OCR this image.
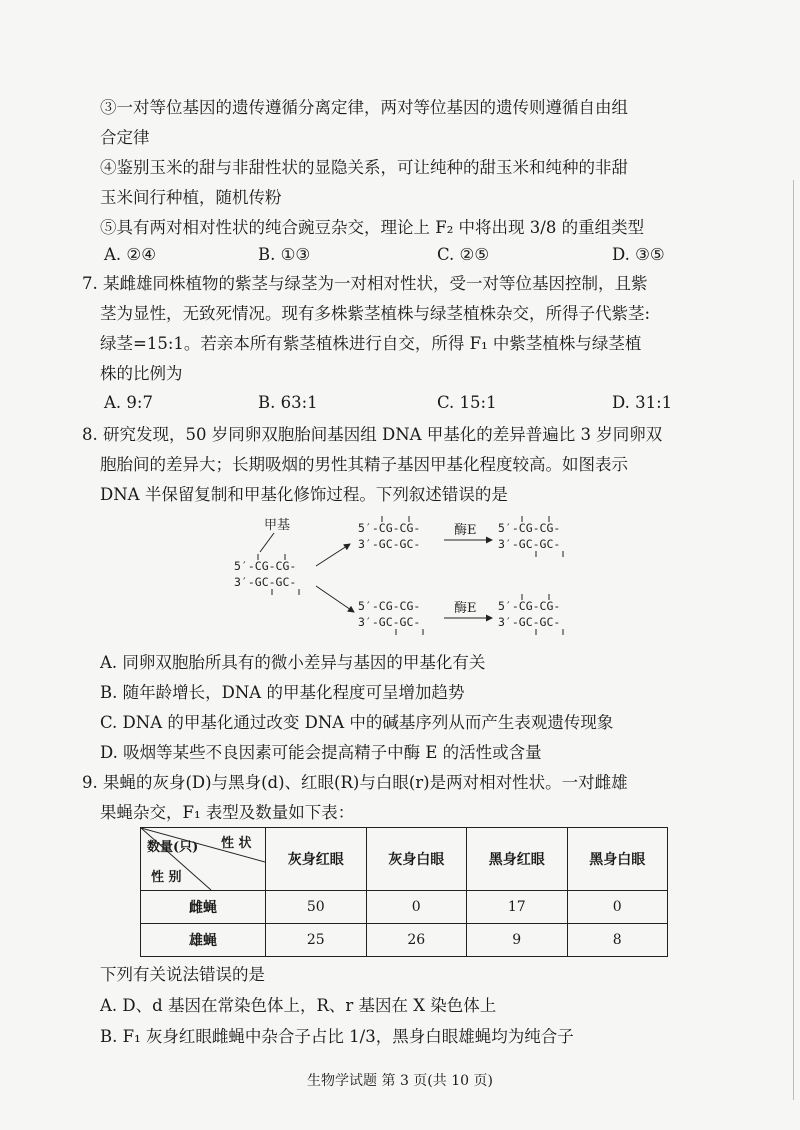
③一对等位基因的遗传遵循分离定律，两对等位基因的遗传则遵循自由组
合定律
④鉴别玉米的甜与非甜性状的显隐关系，可让纯种的甜玉米和纯种的非甜
玉米间行种植，随机传粉
⑤具有两对相对性状的纯合豌豆杂交，理论上 F₂ 中将出现 3/8 的重组类型
A. ②④	B. ①③	C. ②⑤	D. ③⑤
7. 某雌雄同株植物的紫茎与绿茎为一对相对性状，受一对等位基因控制，且紫
茎为显性，无致死情况。现有多株紫茎植株与绿茎植株杂交，所得子代紫茎:
绿茎=15:1。若亲本所有紫茎植株进行自交，所得 F₁ 中紫茎植株与绿茎植
株的比例为
A. 9:7	B. 63:1	C. 15:1	D. 31:1
8. 研究发现，50 岁同卵双胞胎间基因组 DNA 甲基化的差异普遍比 3 岁同卵双
胞胎间的差异大；长期吸烟的男性其精子基因甲基化程度较高。如图表示
DNA 半保留复制和甲基化修饰过程。下列叙述错误的是
甲基
5′-CG-CG-
3′-GC-GC-
5′-CG-CG-
3′-GC-GC-
酶E 5′-CG-CG-
3′-GC-GC-
5′-CG-CG-
3′-GC-GC-
酶E 5′-CG-CG-
3′-GC-GC-
A. 同卵双胞胎所具有的微小差异与基因的甲基化有关
B. 随年龄增长，DNA 的甲基化程度可呈增加趋势
C. DNA 的甲基化通过改变 DNA 中的碱基序列从而产生表观遗传现象
D. 吸烟等某些不良因素可能会提高精子中酶 E 的活性或含量
9. 果蝇的灰身(D)与黑身(d)、红眼(R)与白眼(r)是两对相对性状。一对雌雄
果蝇杂交，F₁ 表型及数量如下表：
数量(只) 性 状
性 别	灰身红眼	灰身白眼	黑身红眼	黑身白眼
雌蝇	50	0	17	0
雄蝇	25	26	9	8
下列有关说法错误的是
A. D、d 基因在常染色体上，R、r 基因在 X 染色体上
B. F₁ 灰身红眼雌蝇中杂合子占比 1/3，黑身白眼雄蝇均为纯合子
生物学试题 第 3 页(共 10 页)
